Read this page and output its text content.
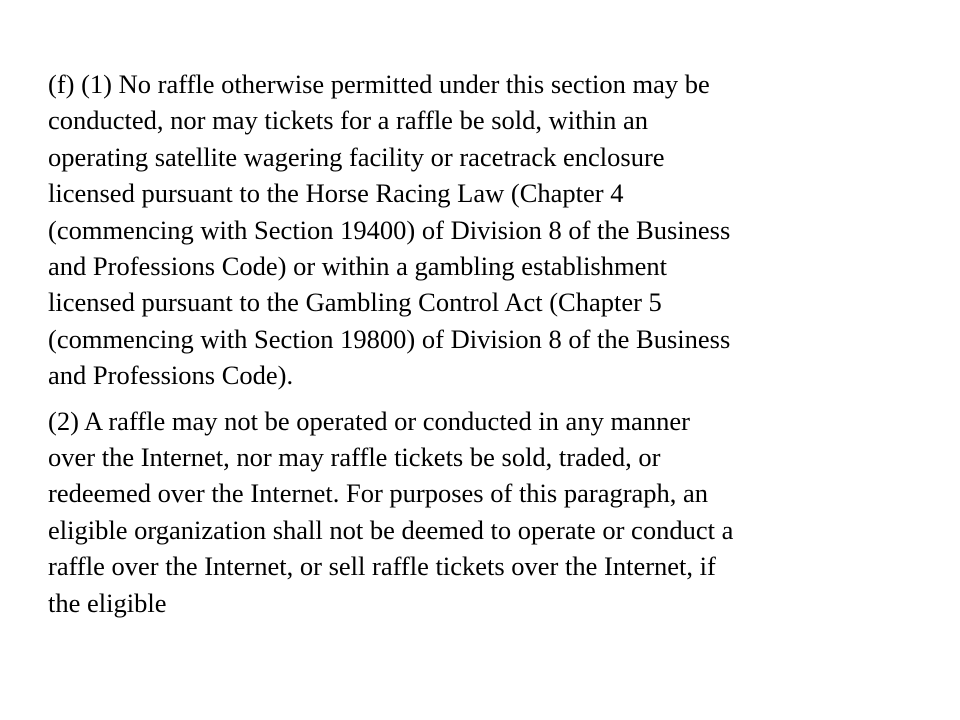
(f) (1) No raffle otherwise permitted under this section may be
conducted, nor may tickets for a raffle be sold, within an
operating satellite wagering facility or racetrack enclosure
licensed pursuant to the Horse Racing Law (Chapter 4
(commencing with Section 19400) of Division 8 of the Business
and Professions Code) or within a gambling establishment
licensed pursuant to the Gambling Control Act (Chapter 5
(commencing with Section 19800) of Division 8 of the Business
and Professions Code).
(2) A raffle may not be operated or conducted in any manner
over the Internet, nor may raffle tickets be sold, traded, or
redeemed over the Internet. For purposes of this paragraph, an
eligible organization shall not be deemed to operate or conduct a
raffle over the Internet, or sell raffle tickets over the Internet, if
the eligible
